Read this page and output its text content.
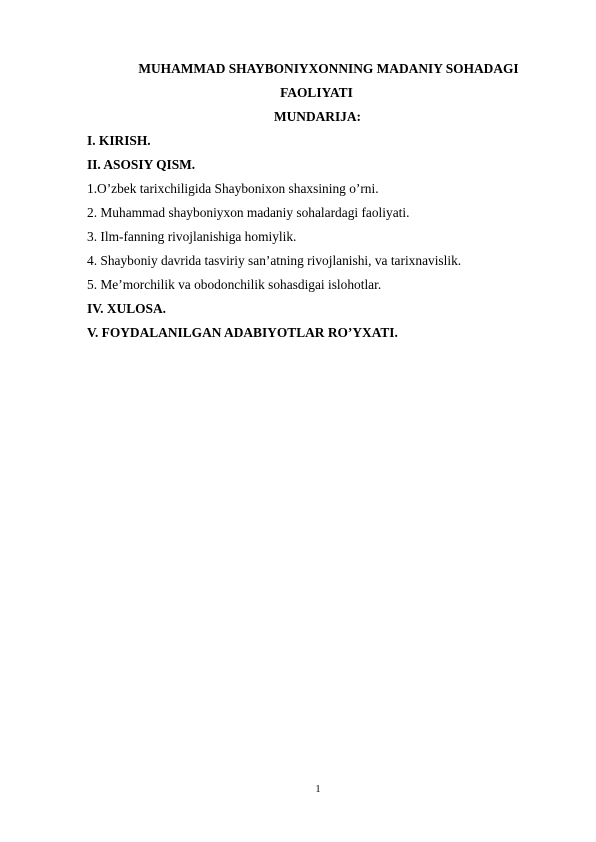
MUHAMMAD SHAYBONIYXONNING MADANIY SOHADAGI
FAOLIYATI
MUNDARIJA:
I. KIRISH.
II. ASOSIY QISM.
1.O’zbek tarixchiligida Shaybonixon shaxsining o’rni.
2. Muhammad shayboniyxon madaniy sohalardagi faoliyati.
3. Ilm-fanning rivojlanishiga homiylik.
4. Shayboniy davrida tasviriy san’atning rivojlanishi, va tarixnavislik.
5. Me’morchilik va obodonchilik sohasdigai islohotlar.
IV. XULOSA.
V. FOYDALANILGAN ADABIYOTLAR RO’YXATI.
1
